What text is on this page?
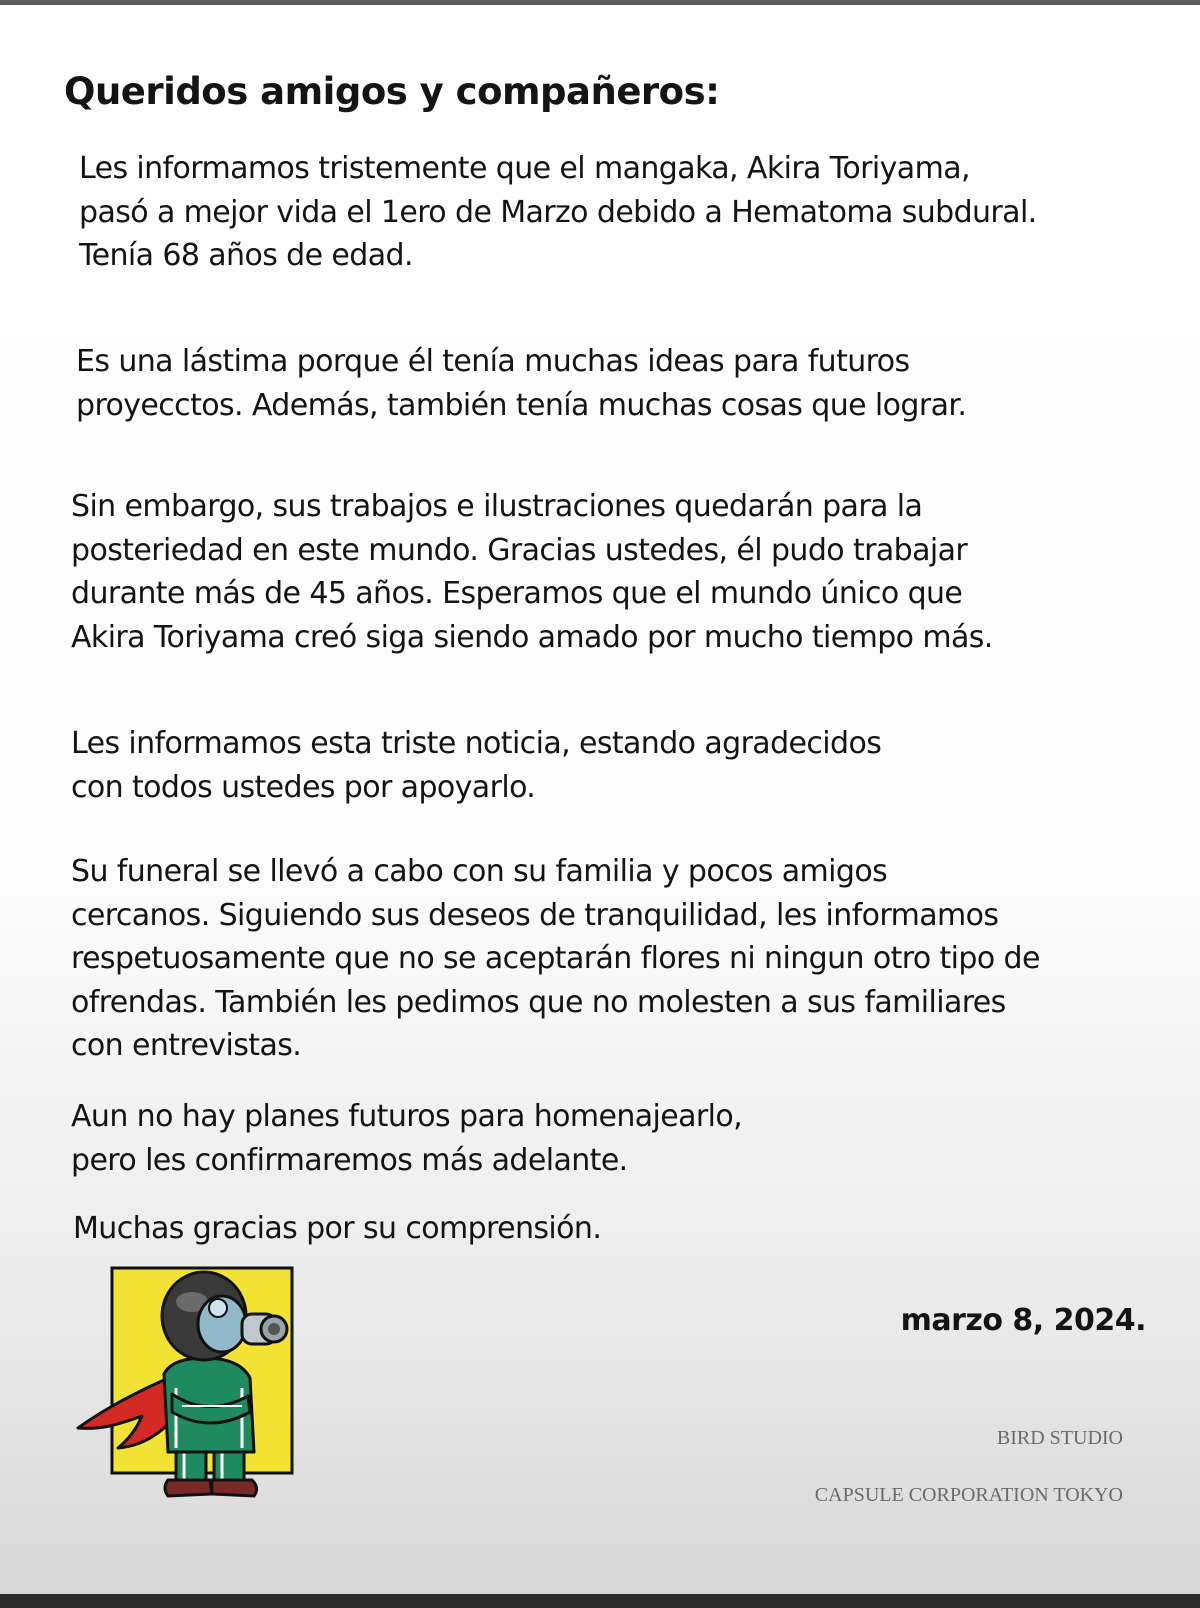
Queridos amigos y compañeros:

Les informamos tristemente que el mangaka, Akira Toriyama,
pasó a mejor vida el 1ero de Marzo debido a Hematoma subdural.
Tenía 68 años de edad.

Es una lástima porque él tenía muchas ideas para futuros
proyecctos. Además, también tenía muchas cosas que lograr.

Sin embargo, sus trabajos e ilustraciones quedarán para la
posteriedad en este mundo. Gracias ustedes, él pudo trabajar
durante más de 45 años. Esperamos que el mundo único que
Akira Toriyama creó siga siendo amado por mucho tiempo más.

Les informamos esta triste noticia, estando agradecidos
con todos ustedes por apoyarlo.

Su funeral se llevó a cabo con su familia y pocos amigos
cercanos. Siguiendo sus deseos de tranquilidad, les informamos
respetuosamente que no se aceptarán flores ni ningun otro tipo de
ofrendas. También les pedimos que no molesten a sus familiares
con entrevistas.

Aun no hay planes futuros para homenajearlo,
pero les confirmaremos más adelante.

Muchas gracias por su comprensión.

marzo 8, 2024.

BIRD STUDIO

CAPSULE CORPORATION TOKYO
